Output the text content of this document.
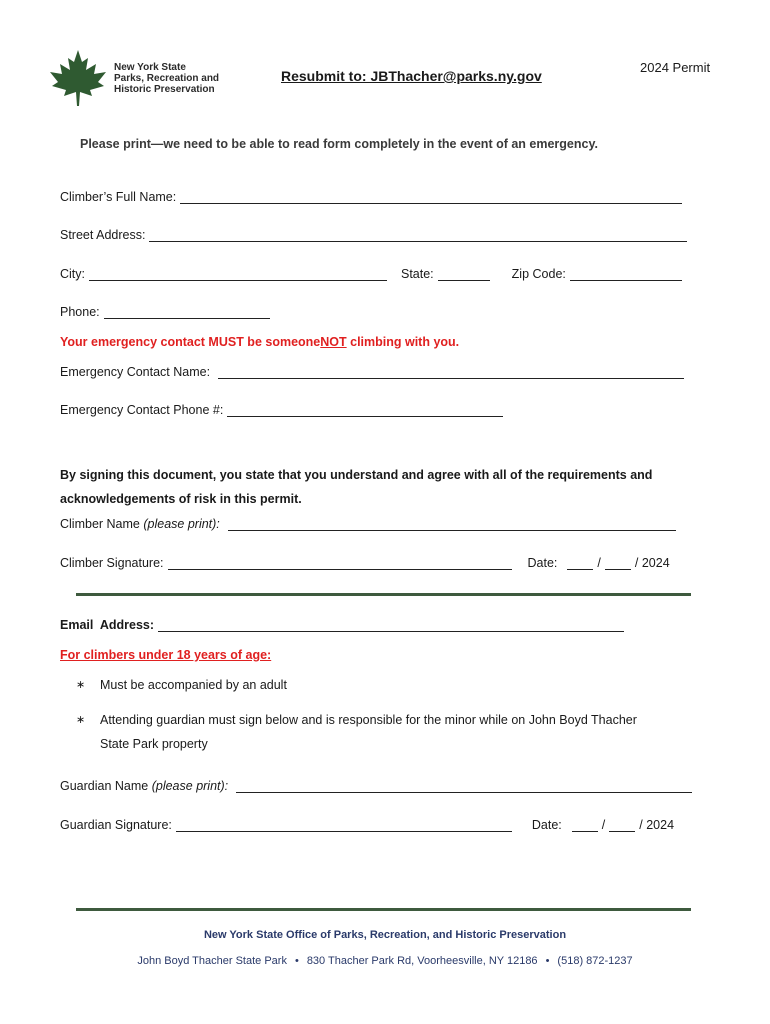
New York State
Parks, Recreation and
Historic Preservation
2024 Permit
Resubmit to: JBThacher@parks.ny.gov
Please print—we need to be able to read form completely in the event of an emergency.
Climber’s Full Name:
Street Address:
City:	State:	Zip Code:
Phone:
Your emergency contact MUST be someone NOT climbing with you.
Emergency Contact Name:
Emergency Contact Phone #:
By signing this document, you state that you understand and agree with all of the requirements and
acknowledgements of risk in this permit.
Climber Name (please print):
Climber Signature:	Date:	/	/ 2024
Email  Address:
For climbers under 18 years of age:
∗	Must be accompanied by an adult
∗	Attending guardian must sign below and is responsible for the minor while on John Boyd Thacher
State Park property
Guardian Name (please print):
Guardian Signature:	Date:	/	/ 2024
New York State Office of Parks, Recreation, and Historic Preservation
John Boyd Thacher State Park • 830 Thacher Park Rd, Voorheesville, NY 12186 • (518) 872-1237
